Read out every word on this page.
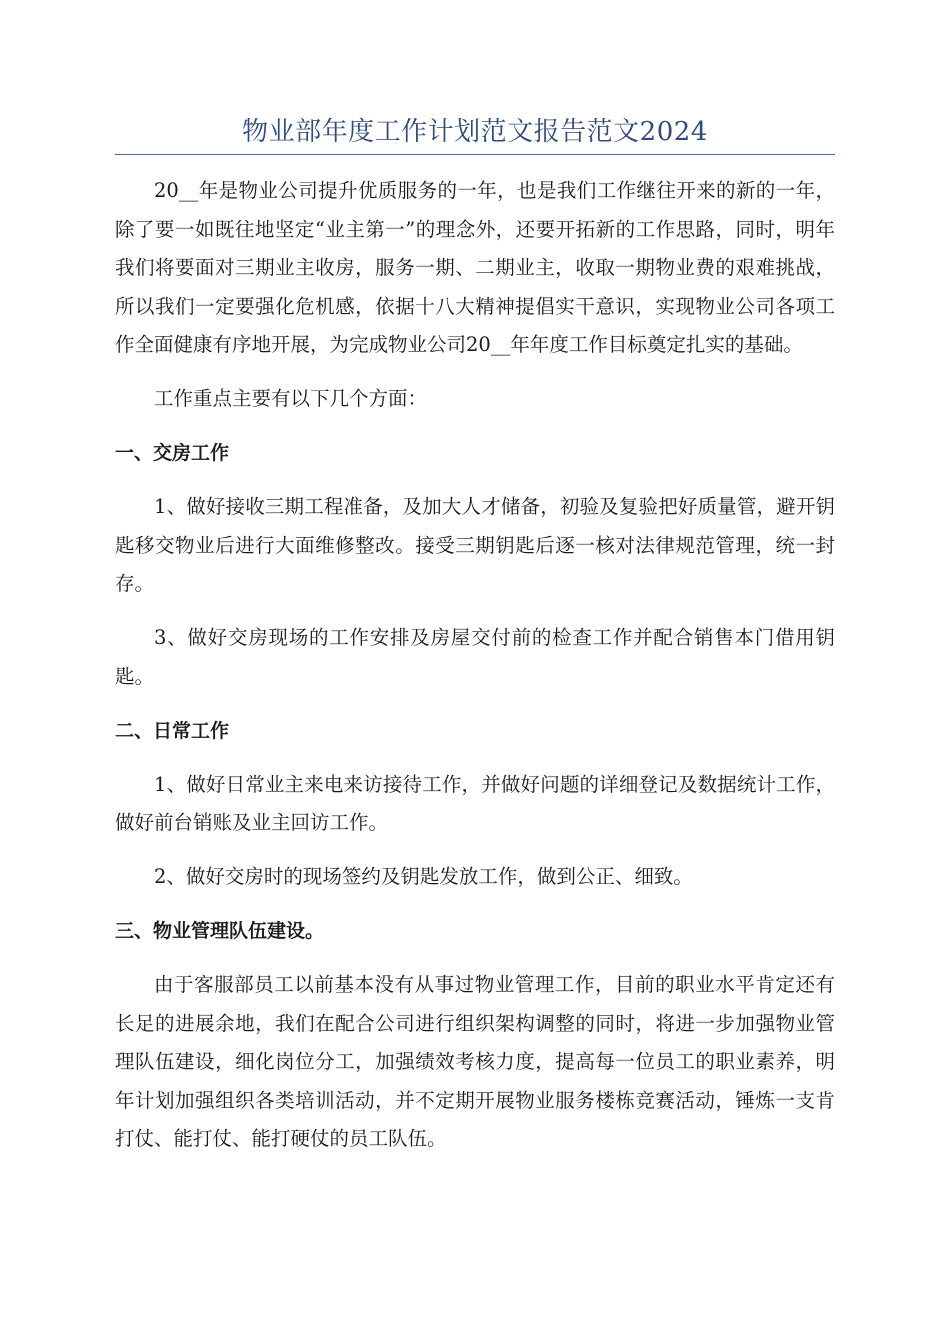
物业部年度工作计划范文报告范文2024

20__年是物业公司提升优质服务的一年，也是我们工作继往开来的新的一年，除了要一如既往地坚定“业主第一”的理念外，还要开拓新的工作思路，同时，明年我们将要面对三期业主收房，服务一期、二期业主，收取一期物业费的艰难挑战，所以我们一定要强化危机感，依据十八大精神提倡实干意识，实现物业公司各项工作全面健康有序地开展，为完成物业公司20__年年度工作目标奠定扎实的基础。

工作重点主要有以下几个方面：

一、交房工作

1、做好接收三期工程准备，及加大人才储备，初验及复验把好质量管，避开钥匙移交物业后进行大面维修整改。接受三期钥匙后逐一核对法律规范管理，统一封存。

3、做好交房现场的工作安排及房屋交付前的检查工作并配合销售本门借用钥匙。

二、日常工作

1、做好日常业主来电来访接待工作，并做好问题的详细登记及数据统计工作，做好前台销账及业主回访工作。

2、做好交房时的现场签约及钥匙发放工作，做到公正、细致。

三、物业管理队伍建设。

由于客服部员工以前基本没有从事过物业管理工作，目前的职业水平肯定还有长足的进展余地，我们在配合公司进行组织架构调整的同时，将进一步加强物业管理队伍建设，细化岗位分工，加强绩效考核力度，提高每一位员工的职业素养，明年计划加强组织各类培训活动，并不定期开展物业服务楼栋竞赛活动，锤炼一支肯打仗、能打仗、能打硬仗的员工队伍。
